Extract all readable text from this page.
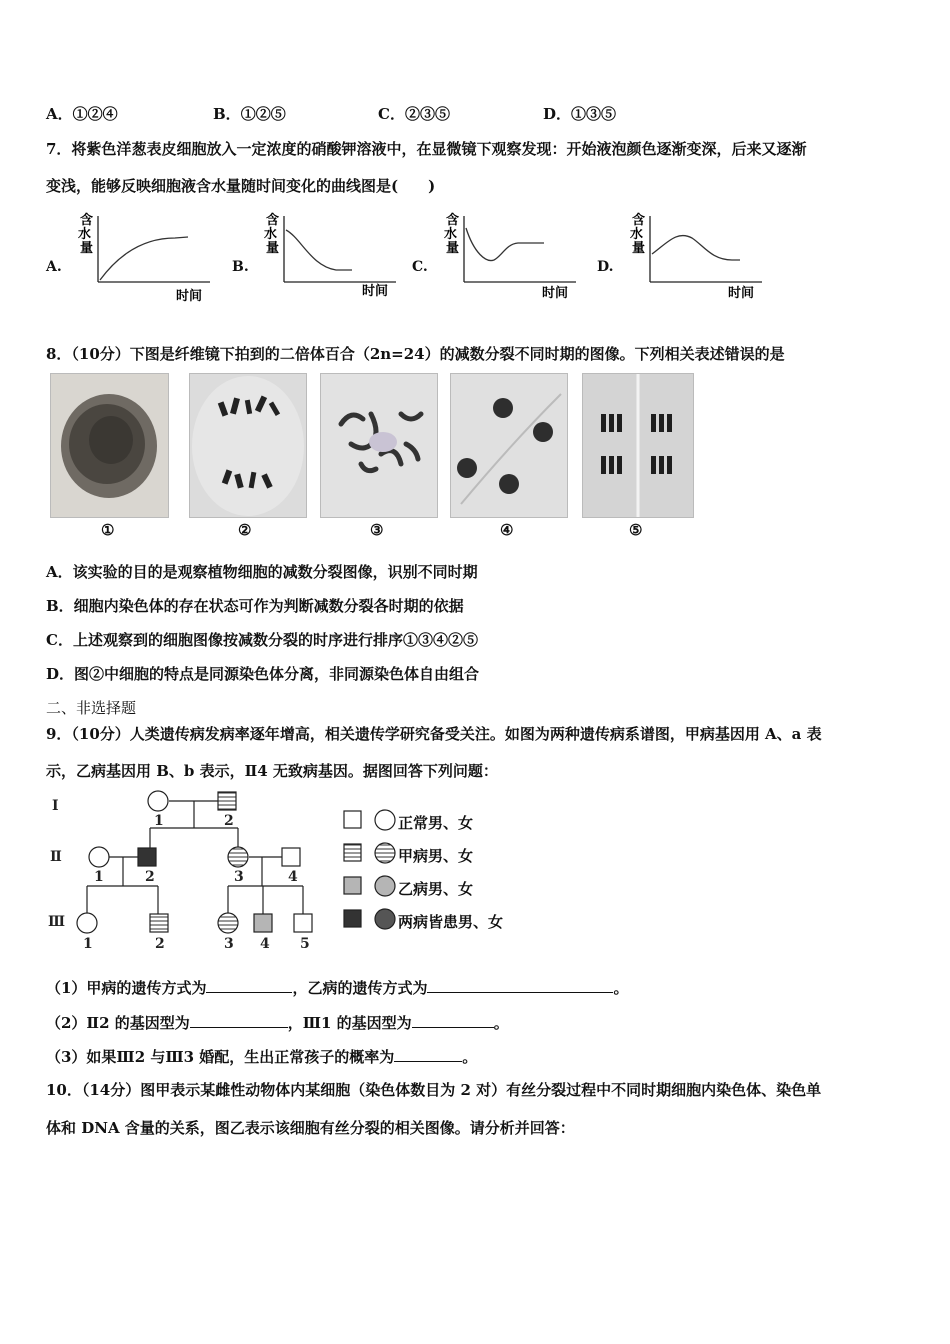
A．①②④	B．①②⑤	C．②③⑤	D．①③⑤
7．将紫色洋葱表皮细胞放入一定浓度的硝酸钾溶液中，在显微镜下观察发现：开始液泡颜色逐渐变深，后来又逐渐
变浅，能够反映细胞液含水量随时间变化的曲线图是(　　)
A.
含
水
量
时间
B.
含
水
量
时间
C.
含
水
量
时间
D.
含
水
量
时间
8．（10分）下图是纤维镜下拍到的二倍体百合（2n=24）的减数分裂不同时期的图像。下列相关表述错误的是
①	②	③	④	⑤
A．该实验的目的是观察植物细胞的减数分裂图像，识别不同时期
B．细胞内染色体的存在状态可作为判断减数分裂各时期的依据
C．上述观察到的细胞图像按减数分裂的时序进行排序①③④②⑤
D．图②中细胞的特点是同源染色体分离，非同源染色体自由组合
二、非选择题
9．（10分）人类遗传病发病率逐年增高，相关遗传学研究备受关注。如图为两种遗传病系谱图，甲病基因用 A、a 表
示，乙病基因用 B、b 表示，Ⅱ4 无致病基因。据图回答下列问题：
Ⅰ
Ⅱ
Ⅲ
1	2
1	2	3	4
1	2	3 4 5
正常男、女
甲病男、女
乙病男、女
两病皆患男、女
（1）甲病的遗传方式为	，乙病的遗传方式为	。
（2）Ⅱ2 的基因型为	，Ⅲ1 的基因型为	。
（3）如果Ⅲ2 与Ⅲ3 婚配，生出正常孩子的概率为	。
10．（14分）图甲表示某雌性动物体内某细胞（染色体数目为 2 对）有丝分裂过程中不同时期细胞内染色体、染色单
体和 DNA 含量的关系，图乙表示该细胞有丝分裂的相关图像。请分析并回答：
